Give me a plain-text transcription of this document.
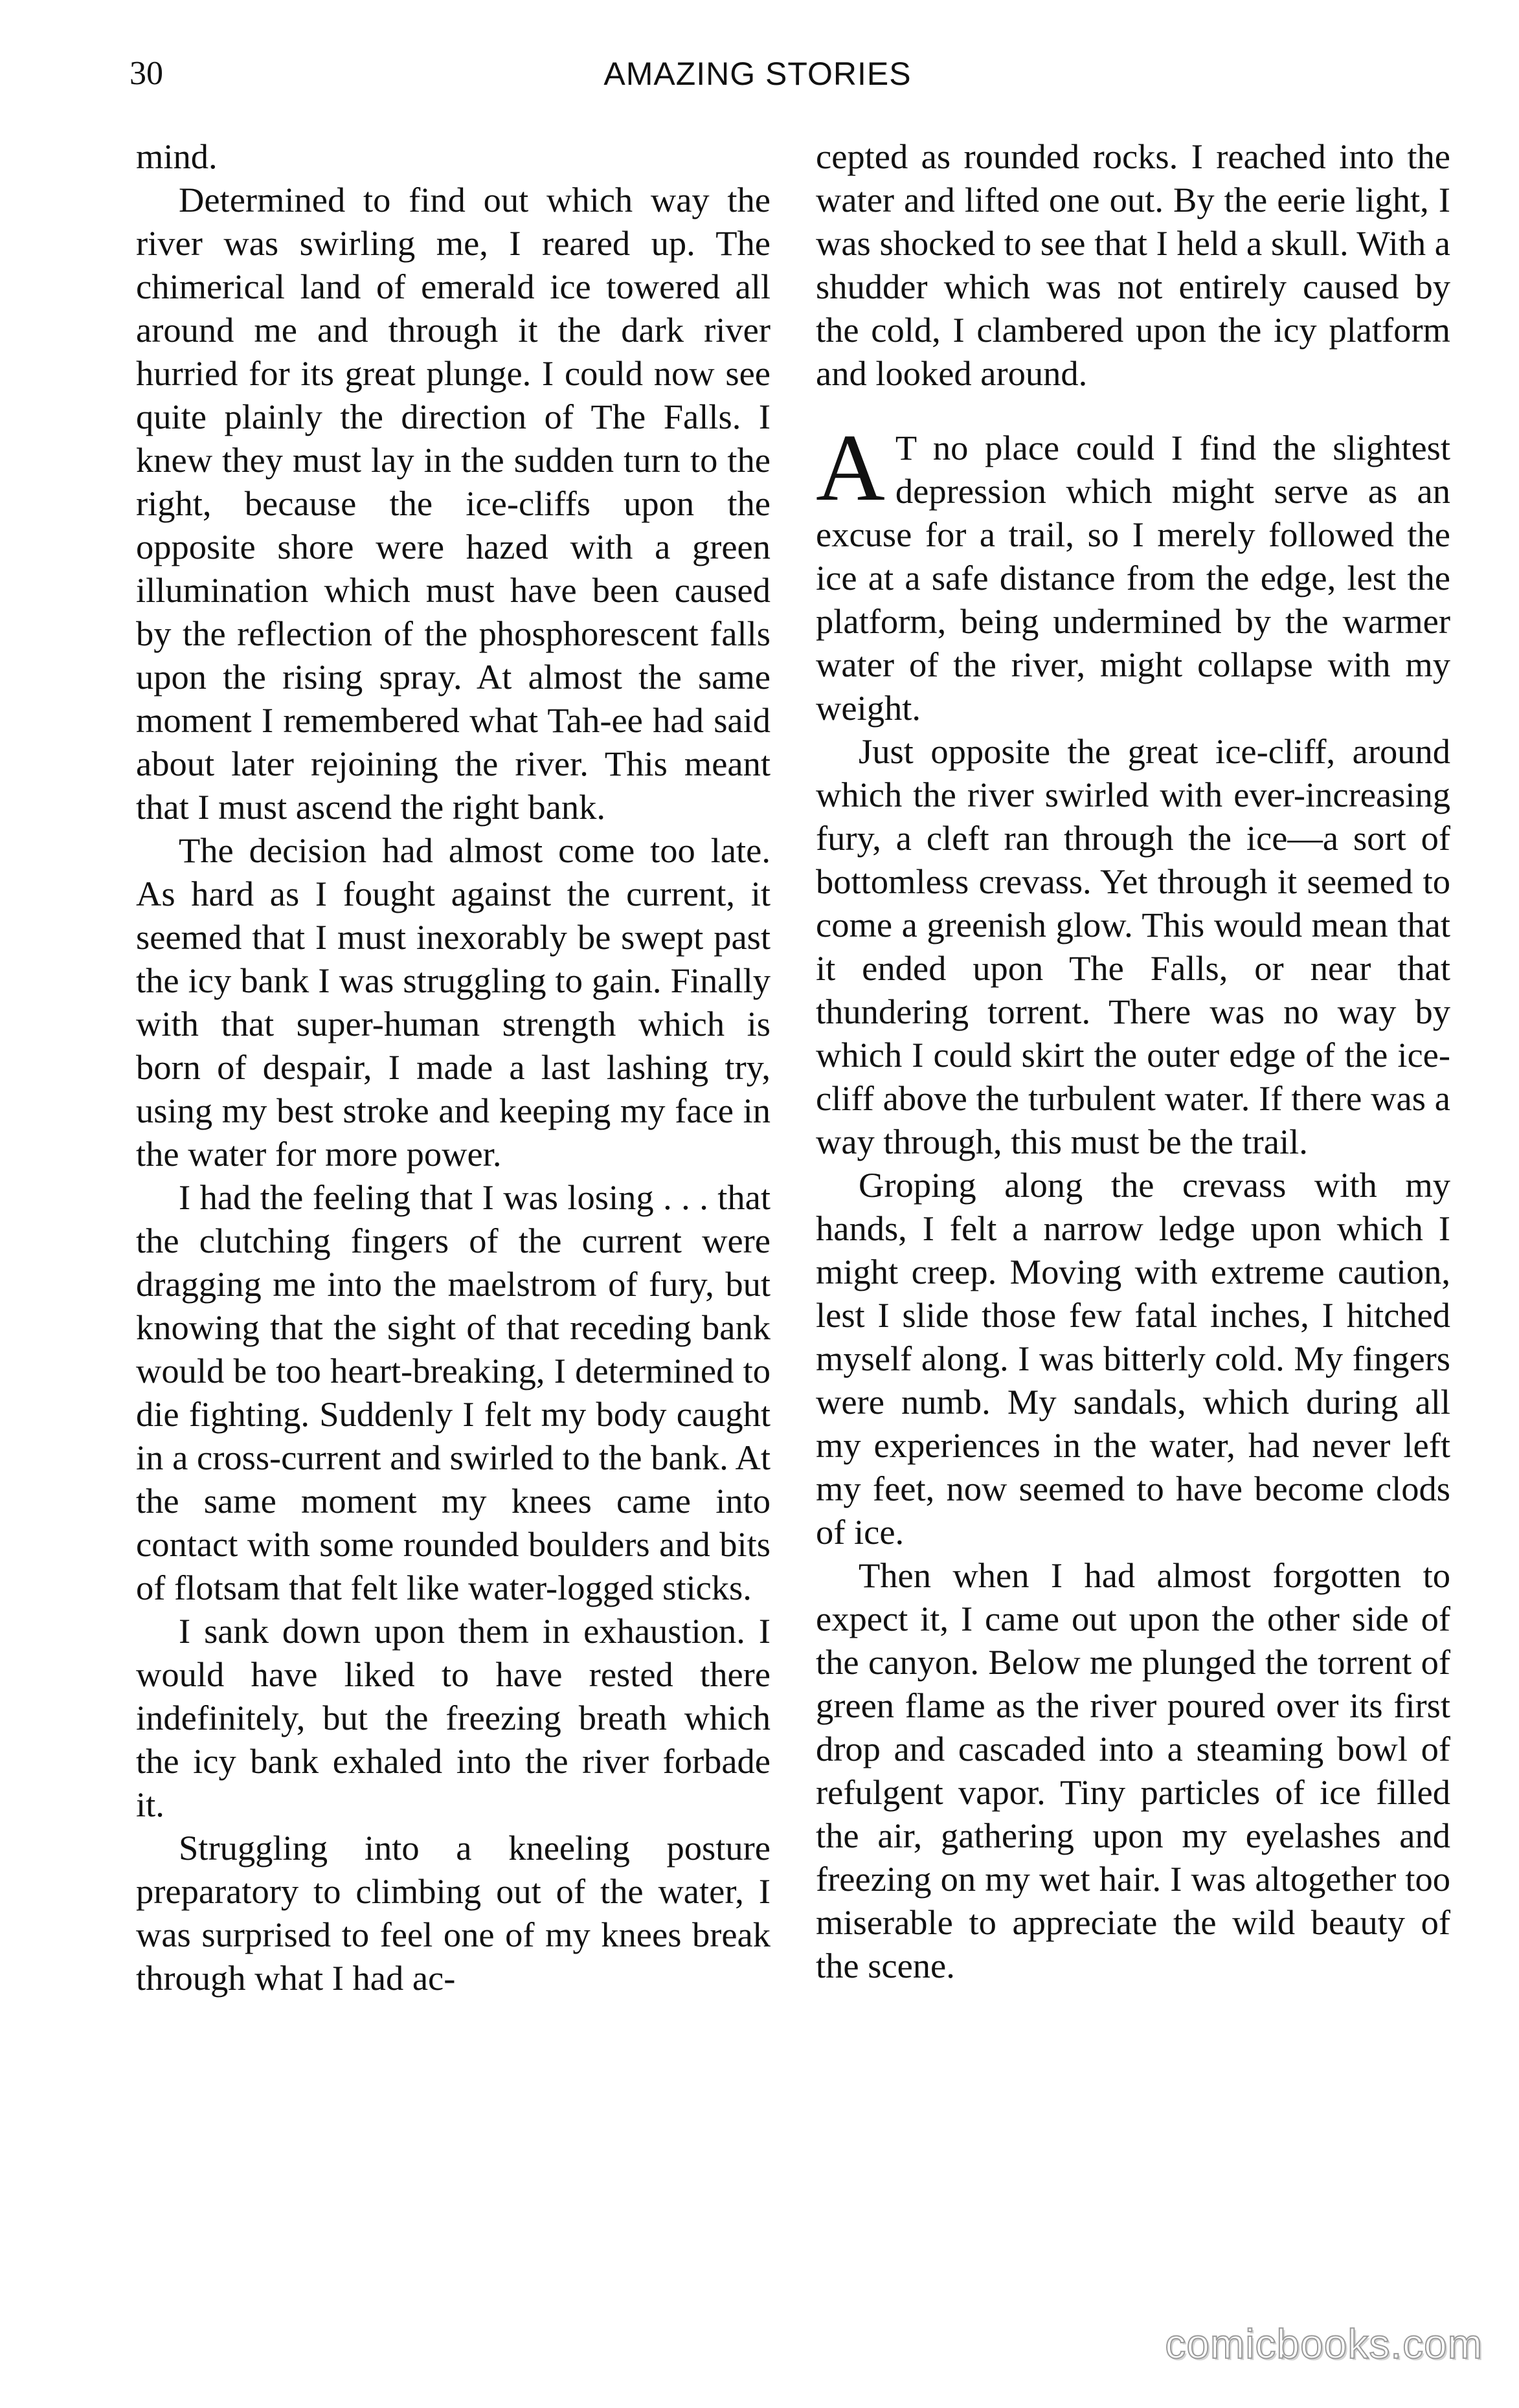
30	AMAZING STORIES

mind.

Determined to find out which way the river was swirling me, I reared up. The chimerical land of emerald ice towered all around me and through it the dark river hurried for its great plunge. I could now see quite plainly the direction of The Falls. I knew they must lay in the sudden turn to the right, because the ice-cliffs upon the opposite shore were hazed with a green illumination which must have been caused by the reflection of the phosphorescent falls upon the rising spray. At almost the same moment I remembered what Tah-ee had said about later rejoining the river. This meant that I must ascend the right bank.

The decision had almost come too late. As hard as I fought against the current, it seemed that I must inexorably be swept past the icy bank I was struggling to gain. Finally with that super-human strength which is born of despair, I made a last lashing try, using my best stroke and keeping my face in the water for more power.

I had the feeling that I was losing . . . that the clutching fingers of the current were dragging me into the maelstrom of fury, but knowing that the sight of that receding bank would be too heart-breaking, I determined to die fighting. Suddenly I felt my body caught in a cross-current and swirled to the bank. At the same moment my knees came into contact with some rounded boulders and bits of flotsam that felt like water-logged sticks.

I sank down upon them in exhaustion. I would have liked to have rested there indefinitely, but the freezing breath which the icy bank exhaled into the river forbade it.

Struggling into a kneeling posture preparatory to climbing out of the water, I was surprised to feel one of my knees break through what I had ac-

cepted as rounded rocks. I reached into the water and lifted one out. By the eerie light, I was shocked to see that I held a skull. With a shudder which was not entirely caused by the cold, I clambered upon the icy platform and looked around.

A T no place could I find the slightest depression which might serve as an excuse for a trail, so I merely followed the ice at a safe distance from the edge, lest the platform, being undermined by the warmer water of the river, might collapse with my weight.

Just opposite the great ice-cliff, around which the river swirled with ever-increasing fury, a cleft ran through the ice—a sort of bottomless crevass. Yet through it seemed to come a greenish glow. This would mean that it ended upon The Falls, or near that thundering torrent. There was no way by which I could skirt the outer edge of the ice-cliff above the turbulent water. If there was a way through, this must be the trail.

Groping along the crevass with my hands, I felt a narrow ledge upon which I might creep. Moving with extreme caution, lest I slide those few fatal inches, I hitched myself along. I was bitterly cold. My fingers were numb. My sandals, which during all my experiences in the water, had never left my feet, now seemed to have become clods of ice.

Then when I had almost forgotten to expect it, I came out upon the other side of the canyon. Below me plunged the torrent of green flame as the river poured over its first drop and cascaded into a steaming bowl of refulgent vapor. Tiny particles of ice filled the air, gathering upon my eyelashes and freezing on my wet hair. I was altogether too miserable to appreciate the wild beauty of the scene.

comicbooks.com
